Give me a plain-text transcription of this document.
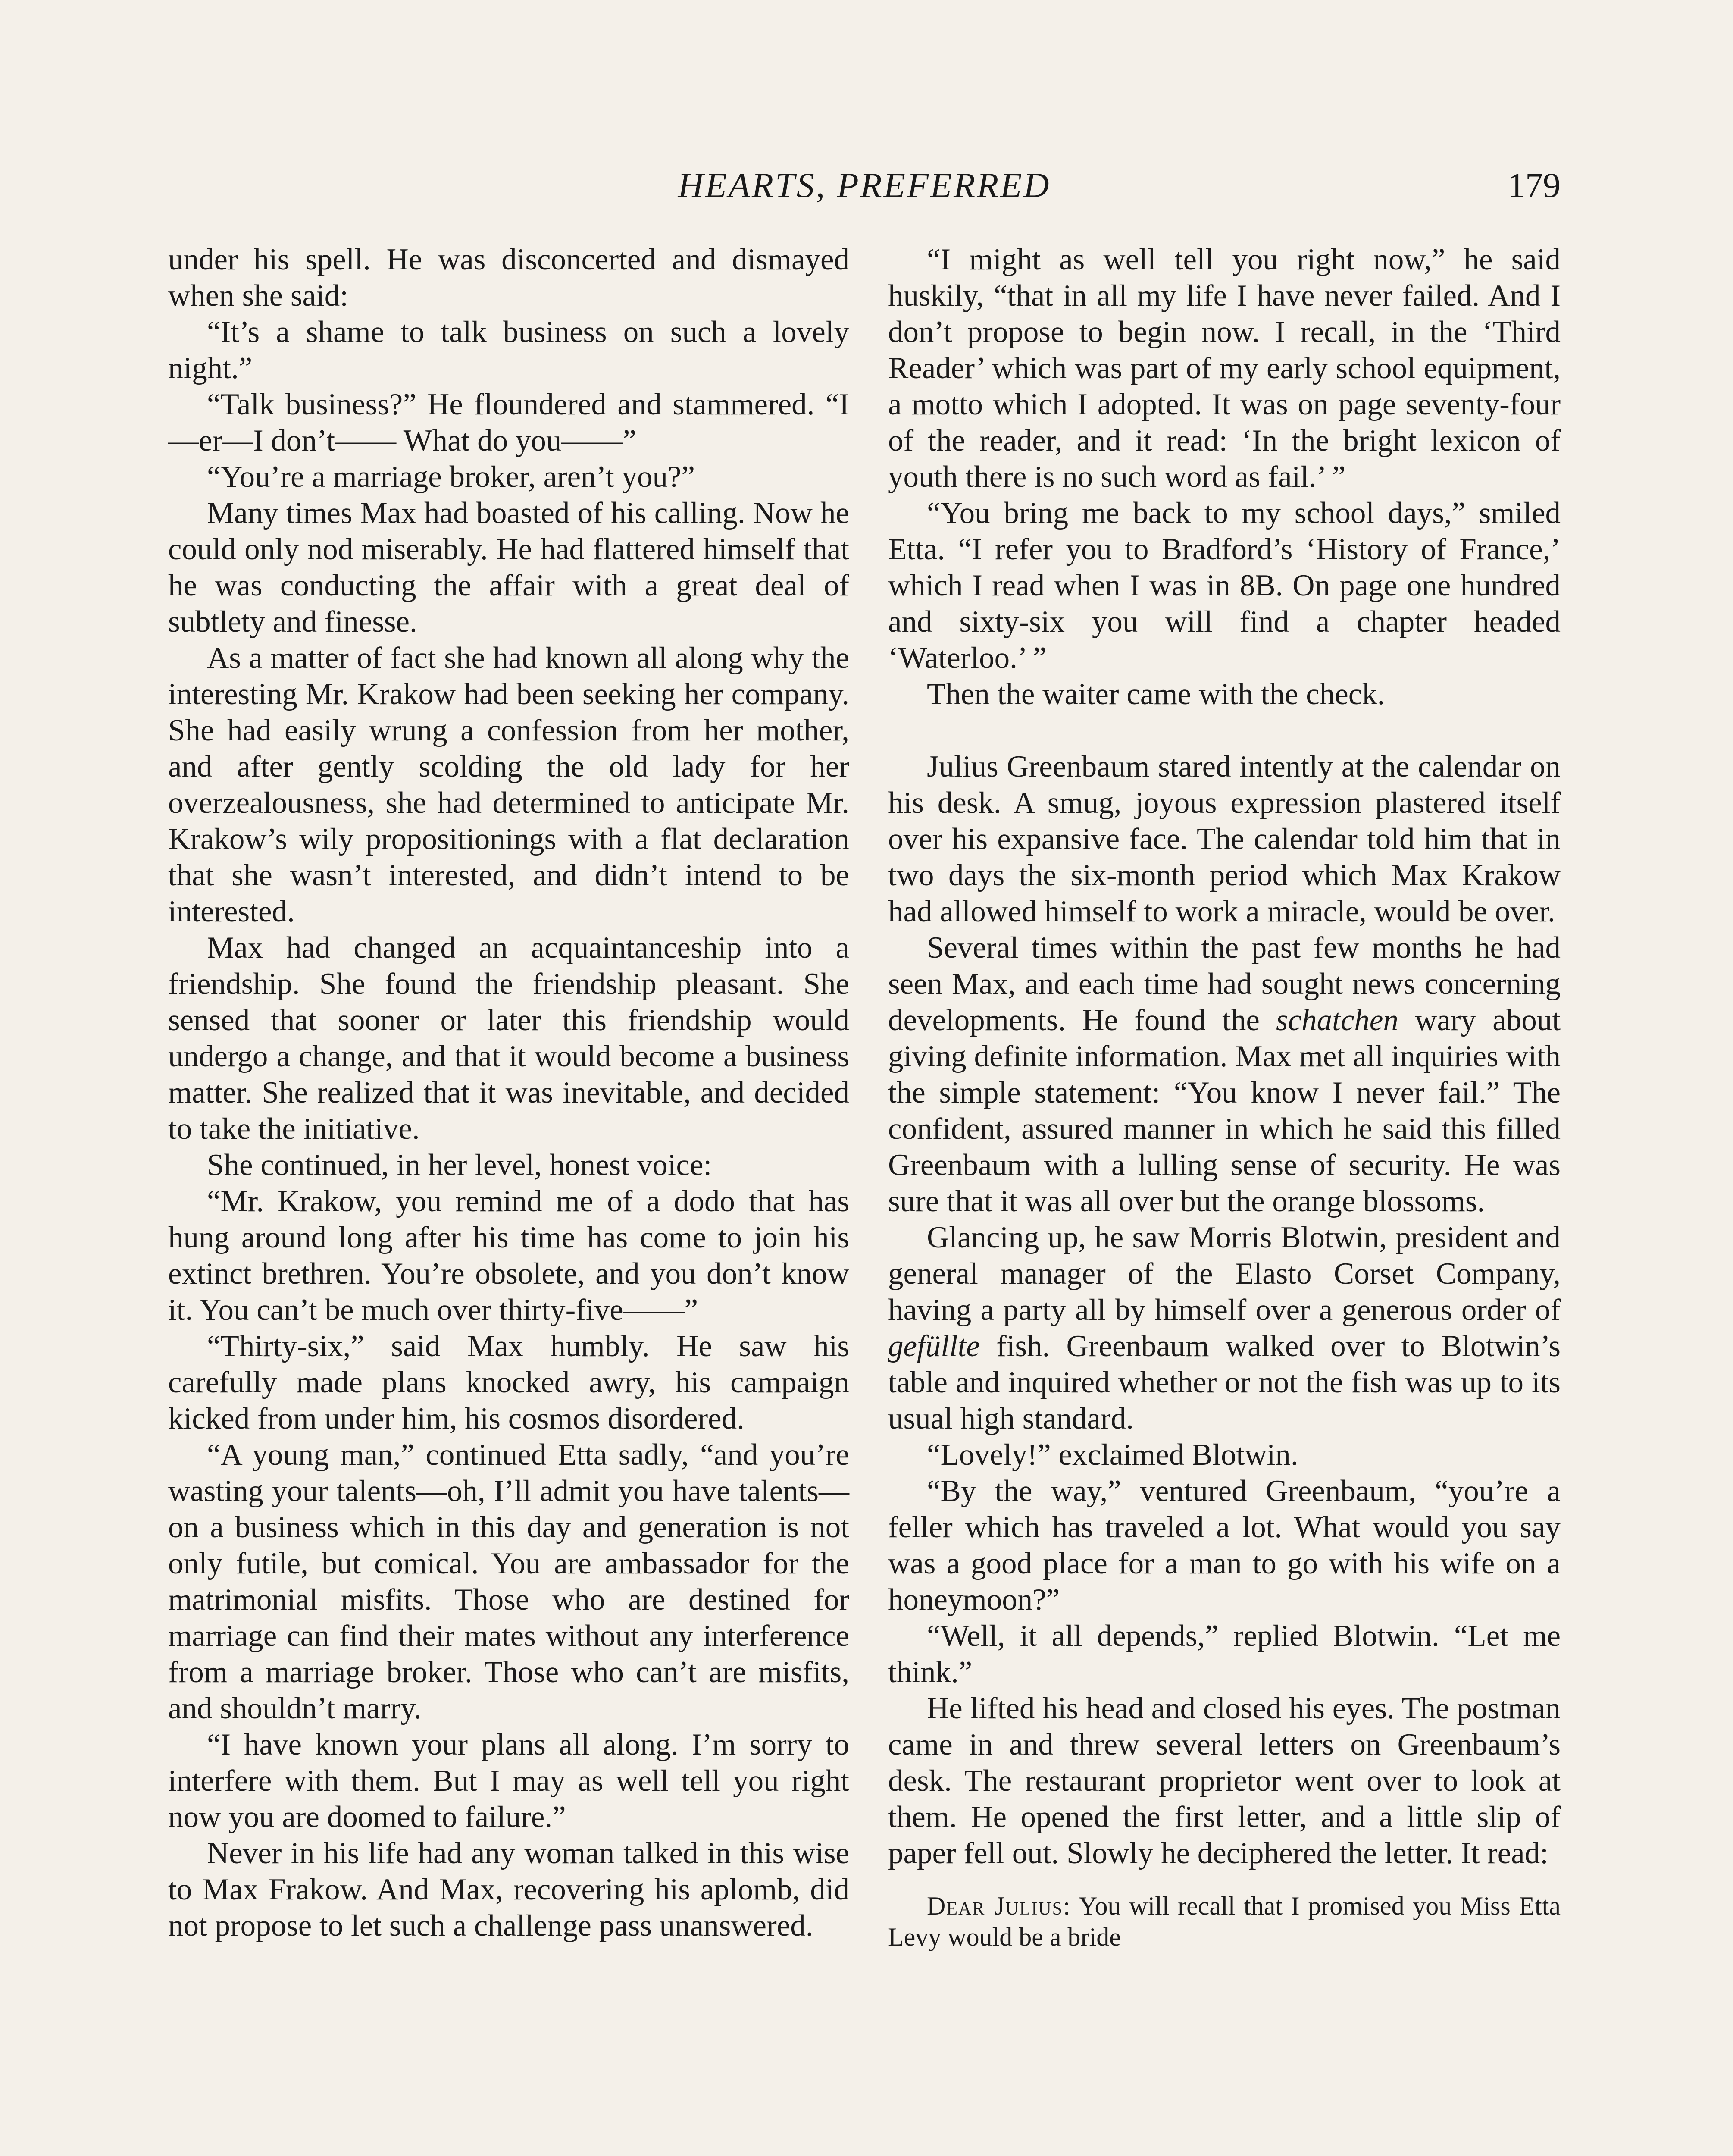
HEARTS, PREFERRED	179

under his spell. He was disconcerted and dismayed when she said:

“It’s a shame to talk business on such a lovely night.”

“Talk business?” He floundered and stammered. “I—er—I don’t—— What do you——”

“You’re a marriage broker, aren’t you?”

Many times Max had boasted of his calling. Now he could only nod miserably. He had flattered himself that he was conducting the affair with a great deal of subtlety and finesse.

As a matter of fact she had known all along why the interesting Mr. Krakow had been seeking her company. She had easily wrung a confession from her mother, and after gently scolding the old lady for her overzealousness, she had determined to anticipate Mr. Krakow’s wily propositionings with a flat declaration that she wasn’t interested, and didn’t intend to be interested.

Max had changed an acquaintanceship into a friendship. She found the friendship pleasant. She sensed that sooner or later this friendship would undergo a change, and that it would become a business matter. She realized that it was inevitable, and decided to take the initiative.

She continued, in her level, honest voice:

“Mr. Krakow, you remind me of a dodo that has hung around long after his time has come to join his extinct brethren. You’re obsolete, and you don’t know it. You can’t be much over thirty-five——”

“Thirty-six,” said Max humbly. He saw his carefully made plans knocked awry, his campaign kicked from under him, his cosmos disordered.

“A young man,” continued Etta sadly, “and you’re wasting your talents—oh, I’ll admit you have talents—on a business which in this day and generation is not only futile, but comical. You are ambassador for the matrimonial misfits. Those who are destined for marriage can find their mates without any interference from a marriage broker. Those who can’t are misfits, and shouldn’t marry.

“I have known your plans all along. I’m sorry to interfere with them. But I may as well tell you right now you are doomed to failure.”

Never in his life had any woman talked in this wise to Max Frakow. And Max, recovering his aplomb, did not propose to let such a challenge pass unanswered.

“I might as well tell you right now,” he said huskily, “that in all my life I have never failed. And I don’t propose to begin now. I recall, in the ‘Third Reader’ which was part of my early school equipment, a motto which I adopted. It was on page seventy-four of the reader, and it read: ‘In the bright lexicon of youth there is no such word as fail.’ ”

“You bring me back to my school days,” smiled Etta. “I refer you to Bradford’s ‘History of France,’ which I read when I was in 8B. On page one hundred and sixty-six you will find a chapter headed ‘Waterloo.’ ”

Then the waiter came with the check.

Julius Greenbaum stared intently at the calendar on his desk. A smug, joyous expression plastered itself over his expansive face. The calendar told him that in two days the six-month period which Max Krakow had allowed himself to work a miracle, would be over.

Several times within the past few months he had seen Max, and each time had sought news concerning developments. He found the schatchen wary about giving definite information. Max met all inquiries with the simple statement: “You know I never fail.” The confident, assured manner in which he said this filled Greenbaum with a lulling sense of security. He was sure that it was all over but the orange blossoms.

Glancing up, he saw Morris Blotwin, president and general manager of the Elasto Corset Company, having a party all by himself over a generous order of gefüllte fish. Greenbaum walked over to Blotwin’s table and inquired whether or not the fish was up to its usual high standard.

“Lovely!” exclaimed Blotwin.

“By the way,” ventured Greenbaum, “you’re a feller which has traveled a lot. What would you say was a good place for a man to go with his wife on a honeymoon?”

“Well, it all depends,” replied Blotwin. “Let me think.”

He lifted his head and closed his eyes. The postman came in and threw several letters on Greenbaum’s desk. The restaurant proprietor went over to look at them. He opened the first letter, and a little slip of paper fell out. Slowly he deciphered the letter. It read:

Dear Julius: You will recall that I promised you Miss Etta Levy would be a bride
